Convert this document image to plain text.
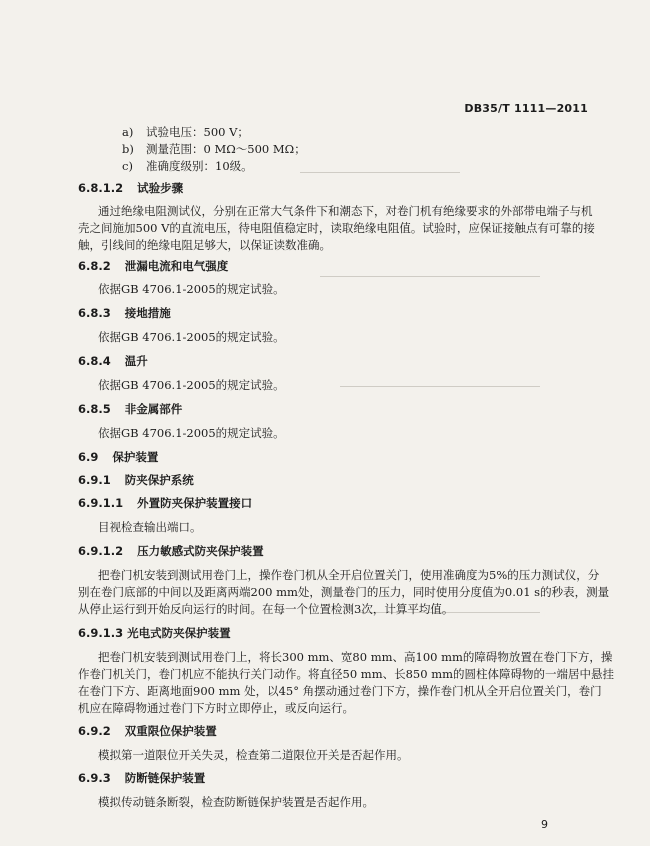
DB35/T 1111—2011
a) 试验电压：500 V；
b) 测量范围：0 MΩ～500 MΩ；
c) 准确度级别：10级。
6.8.1.2 试验步骤
通过绝缘电阻测试仪，分别在正常大气条件下和潮态下，对卷门机有绝缘要求的外部带电端子与机
壳之间施加500 V的直流电压，待电阻值稳定时，读取绝缘电阻值。试验时，应保证接触点有可靠的接
触，引线间的绝缘电阻足够大，以保证读数准确。
6.8.2 泄漏电流和电气强度
依据GB 4706.1-2005的规定试验。
6.8.3 接地措施
依据GB 4706.1-2005的规定试验。
6.8.4 温升
依据GB 4706.1-2005的规定试验。
6.8.5 非金属部件
依据GB 4706.1-2005的规定试验。
6.9 保护装置
6.9.1 防夹保护系统
6.9.1.1 外置防夹保护装置接口
目视检查输出端口。
6.9.1.2 压力敏感式防夹保护装置
把卷门机安装到测试用卷门上，操作卷门机从全开启位置关门，使用准确度为5%的压力测试仪，分
别在卷门底部的中间以及距离两端200 mm处，测量卷门的压力，同时使用分度值为0.01 s的秒表，测量
从停止运行到开始反向运行的时间。在每一个位置检测3次，计算平均值。
6.9.1.3 光电式防夹保护装置
把卷门机安装到测试用卷门上，将长300 mm、宽80 mm、高100 mm的障碍物放置在卷门下方，操
作卷门机关门，卷门机应不能执行关门动作。将直径50 mm、长850 mm的圆柱体障碍物的一端居中悬挂
在卷门下方、距离地面900 mm 处，以45° 角摆动通过卷门下方，操作卷门机从全开启位置关门，卷门
机应在障碍物通过卷门下方时立即停止，或反向运行。
6.9.2 双重限位保护装置
模拟第一道限位开关失灵，检查第二道限位开关是否起作用。
6.9.3 防断链保护装置
模拟传动链条断裂，检查防断链保护装置是否起作用。
9
